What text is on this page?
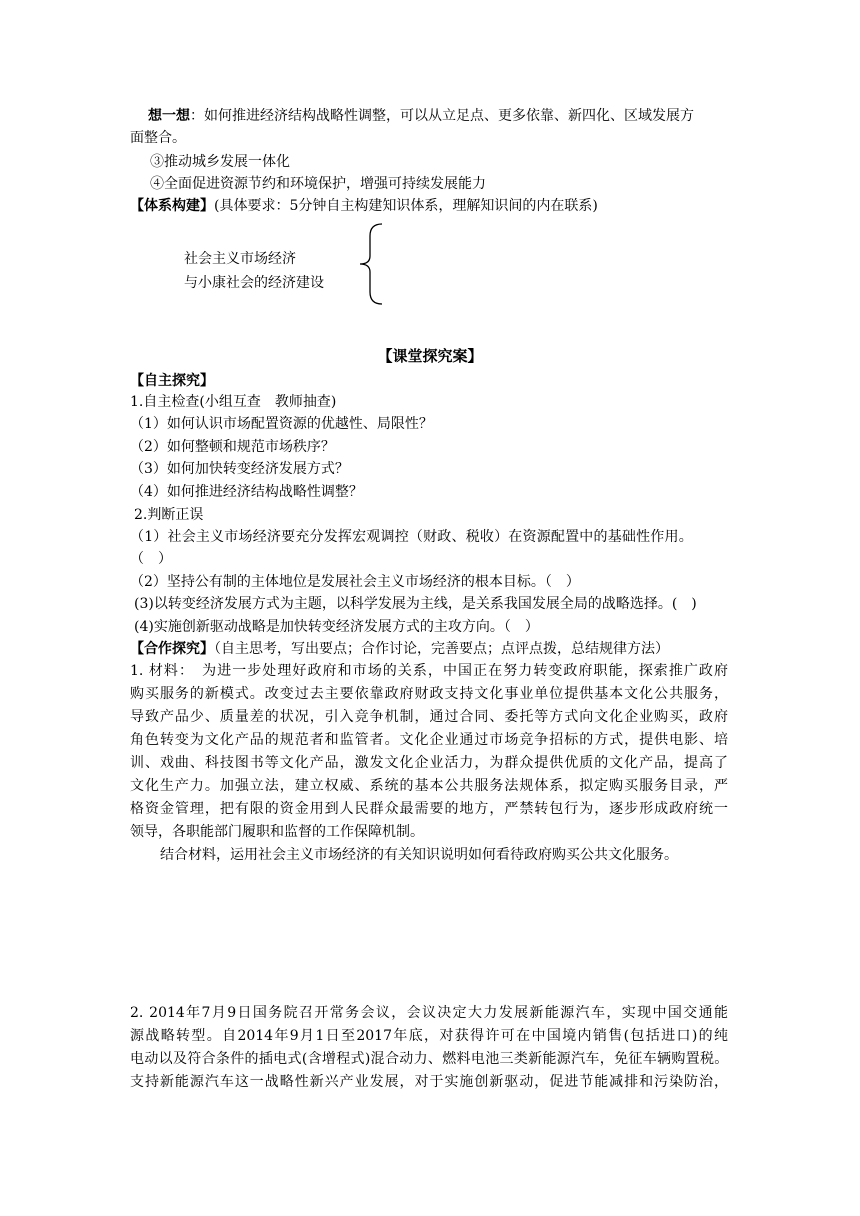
想一想：如何推进经济结构战略性调整，可以从立足点、更多依靠、新四化、区域发展方
面整合。
③推动城乡发展一体化
④全面促进资源节约和环境保护，增强可持续发展能力
【体系构建】(具体要求：5分钟自主构建知识体系，理解知识间的内在联系)
社会主义市场经济
与小康社会的经济建设
【课堂探究案】
【自主探究】
1.自主检查(小组互查　教师抽查)
（1）如何认识市场配置资源的优越性、局限性？
（2）如何整顿和规范市场秩序？
（3）如何加快转变经济发展方式？
（4）如何推进经济结构战略性调整？
2.判断正误
（1）社会主义市场经济要充分发挥宏观调控（财政、税收）在资源配置中的基础性作用。
（　）
（2）坚持公有制的主体地位是发展社会主义市场经济的根本目标。（　）
(3)以转变经济发展方式为主题，以科学发展为主线，是关系我国发展全局的战略选择。(　)
(4)实施创新驱动战略是加快转变经济发展方式的主攻方向。（　）
【合作探究】（自主思考，写出要点；合作讨论，完善要点；点评点拨，总结规律方法）
1. 材料：　为进一步处理好政府和市场的关系，中国正在努力转变政府职能，探索推广政府
购买服务的新模式。改变过去主要依靠政府财政支持文化事业单位提供基本文化公共服务，
导致产品少、质量差的状况，引入竞争机制，通过合同、委托等方式向文化企业购买，政府
角色转变为文化产品的规范者和监管者。文化企业通过市场竞争招标的方式，提供电影、培
训、戏曲、科技图书等文化产品，激发文化企业活力，为群众提供优质的文化产品，提高了
文化生产力。加强立法，建立权威、系统的基本公共服务法规体系，拟定购买服务目录，严
格资金管理，把有限的资金用到人民群众最需要的地方，严禁转包行为，逐步形成政府统一
领导，各职能部门履职和监督的工作保障机制。
结合材料，运用社会主义市场经济的有关知识说明如何看待政府购买公共文化服务。
2. 2014年7月9日国务院召开常务会议，会议决定大力发展新能源汽车，实现中国交通能
源战略转型。自2014年9月1日至2017年底，对获得许可在中国境内销售(包括进口)的纯
电动以及符合条件的插电式(含增程式)混合动力、燃料电池三类新能源汽车，免征车辆购置税。
支持新能源汽车这一战略性新兴产业发展，对于实施创新驱动，促进节能减排和污染防治，
